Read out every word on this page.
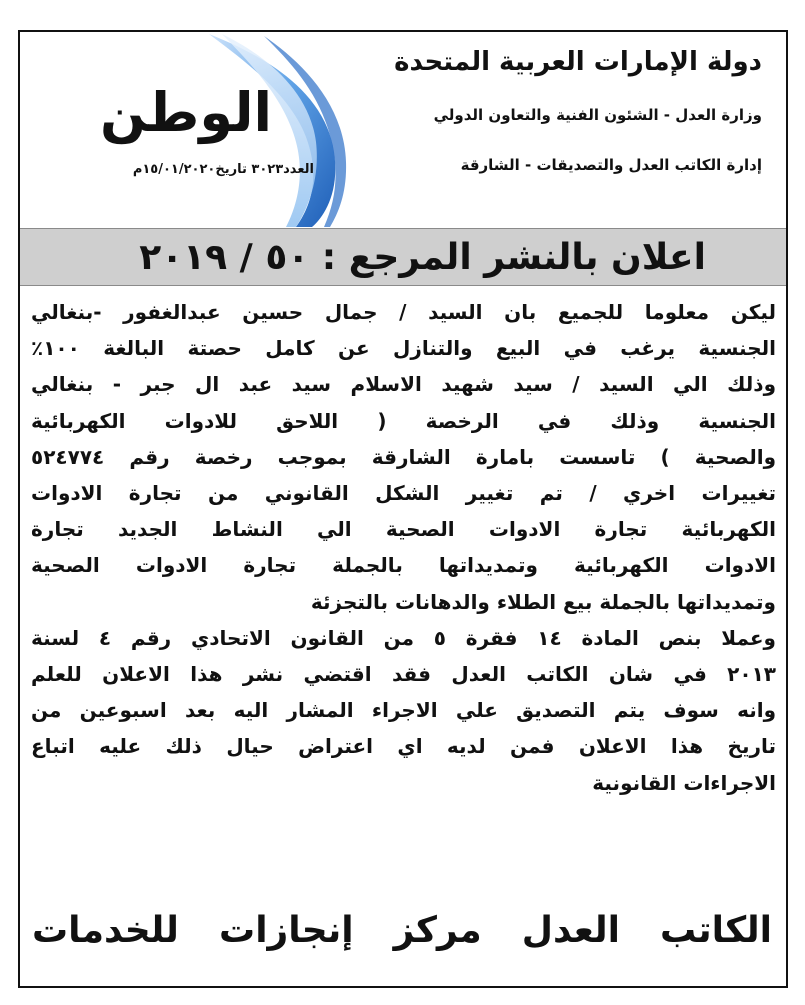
دولة الإمارات العربية المتحدة
وزارة العدل - الشئون الفنية والتعاون الدولي
إدارة الكاتب العدل والتصديقات - الشارقة
الوطن
العدد٣٠٢٣ تاريخ١٥/٠١/٢٠٢٠م
اعلان بالنشر المرجع : ٥٠ / ٢٠١٩
ليكن معلوما للجميع بان السيد / جمال حسين عبدالغفور -بنغالي
الجنسية يرغب في البيع والتنازل عن كامل حصتة البالغة ١٠٠٪
وذلك الي السيد / سيد شهيد الاسلام سيد عبد ال جبر - بنغالي
الجنسية وذلك في الرخصة ( اللاحق للادوات الكهربائية
والصحية ) تاسست بامارة الشارقة بموجب رخصة رقم ٥٢٤٧٧٤
تغييرات اخري / تم تغيير الشكل القانوني من تجارة الادوات
الكهربائية تجارة الادوات الصحية الي النشاط الجديد تجارة
الادوات الكهربائية وتمديداتها بالجملة تجارة الادوات الصحية
وتمديداتها بالجملة بيع الطلاء والدهانات بالتجزئة
وعملا بنص المادة ١٤ فقرة ٥ من القانون الاتحادي رقم ٤ لسنة
٢٠١٣ في شان الكاتب العدل فقد اقتضي نشر هذا الاعلان للعلم
وانه سوف يتم التصديق علي الاجراء المشار اليه بعد اسبوعين من
تاريخ هذا الاعلان فمن لديه اي اعتراض حيال ذلك عليه اتباع
الاجراءات القانونية
الكاتب العدل مركز إنجازات للخدمات
